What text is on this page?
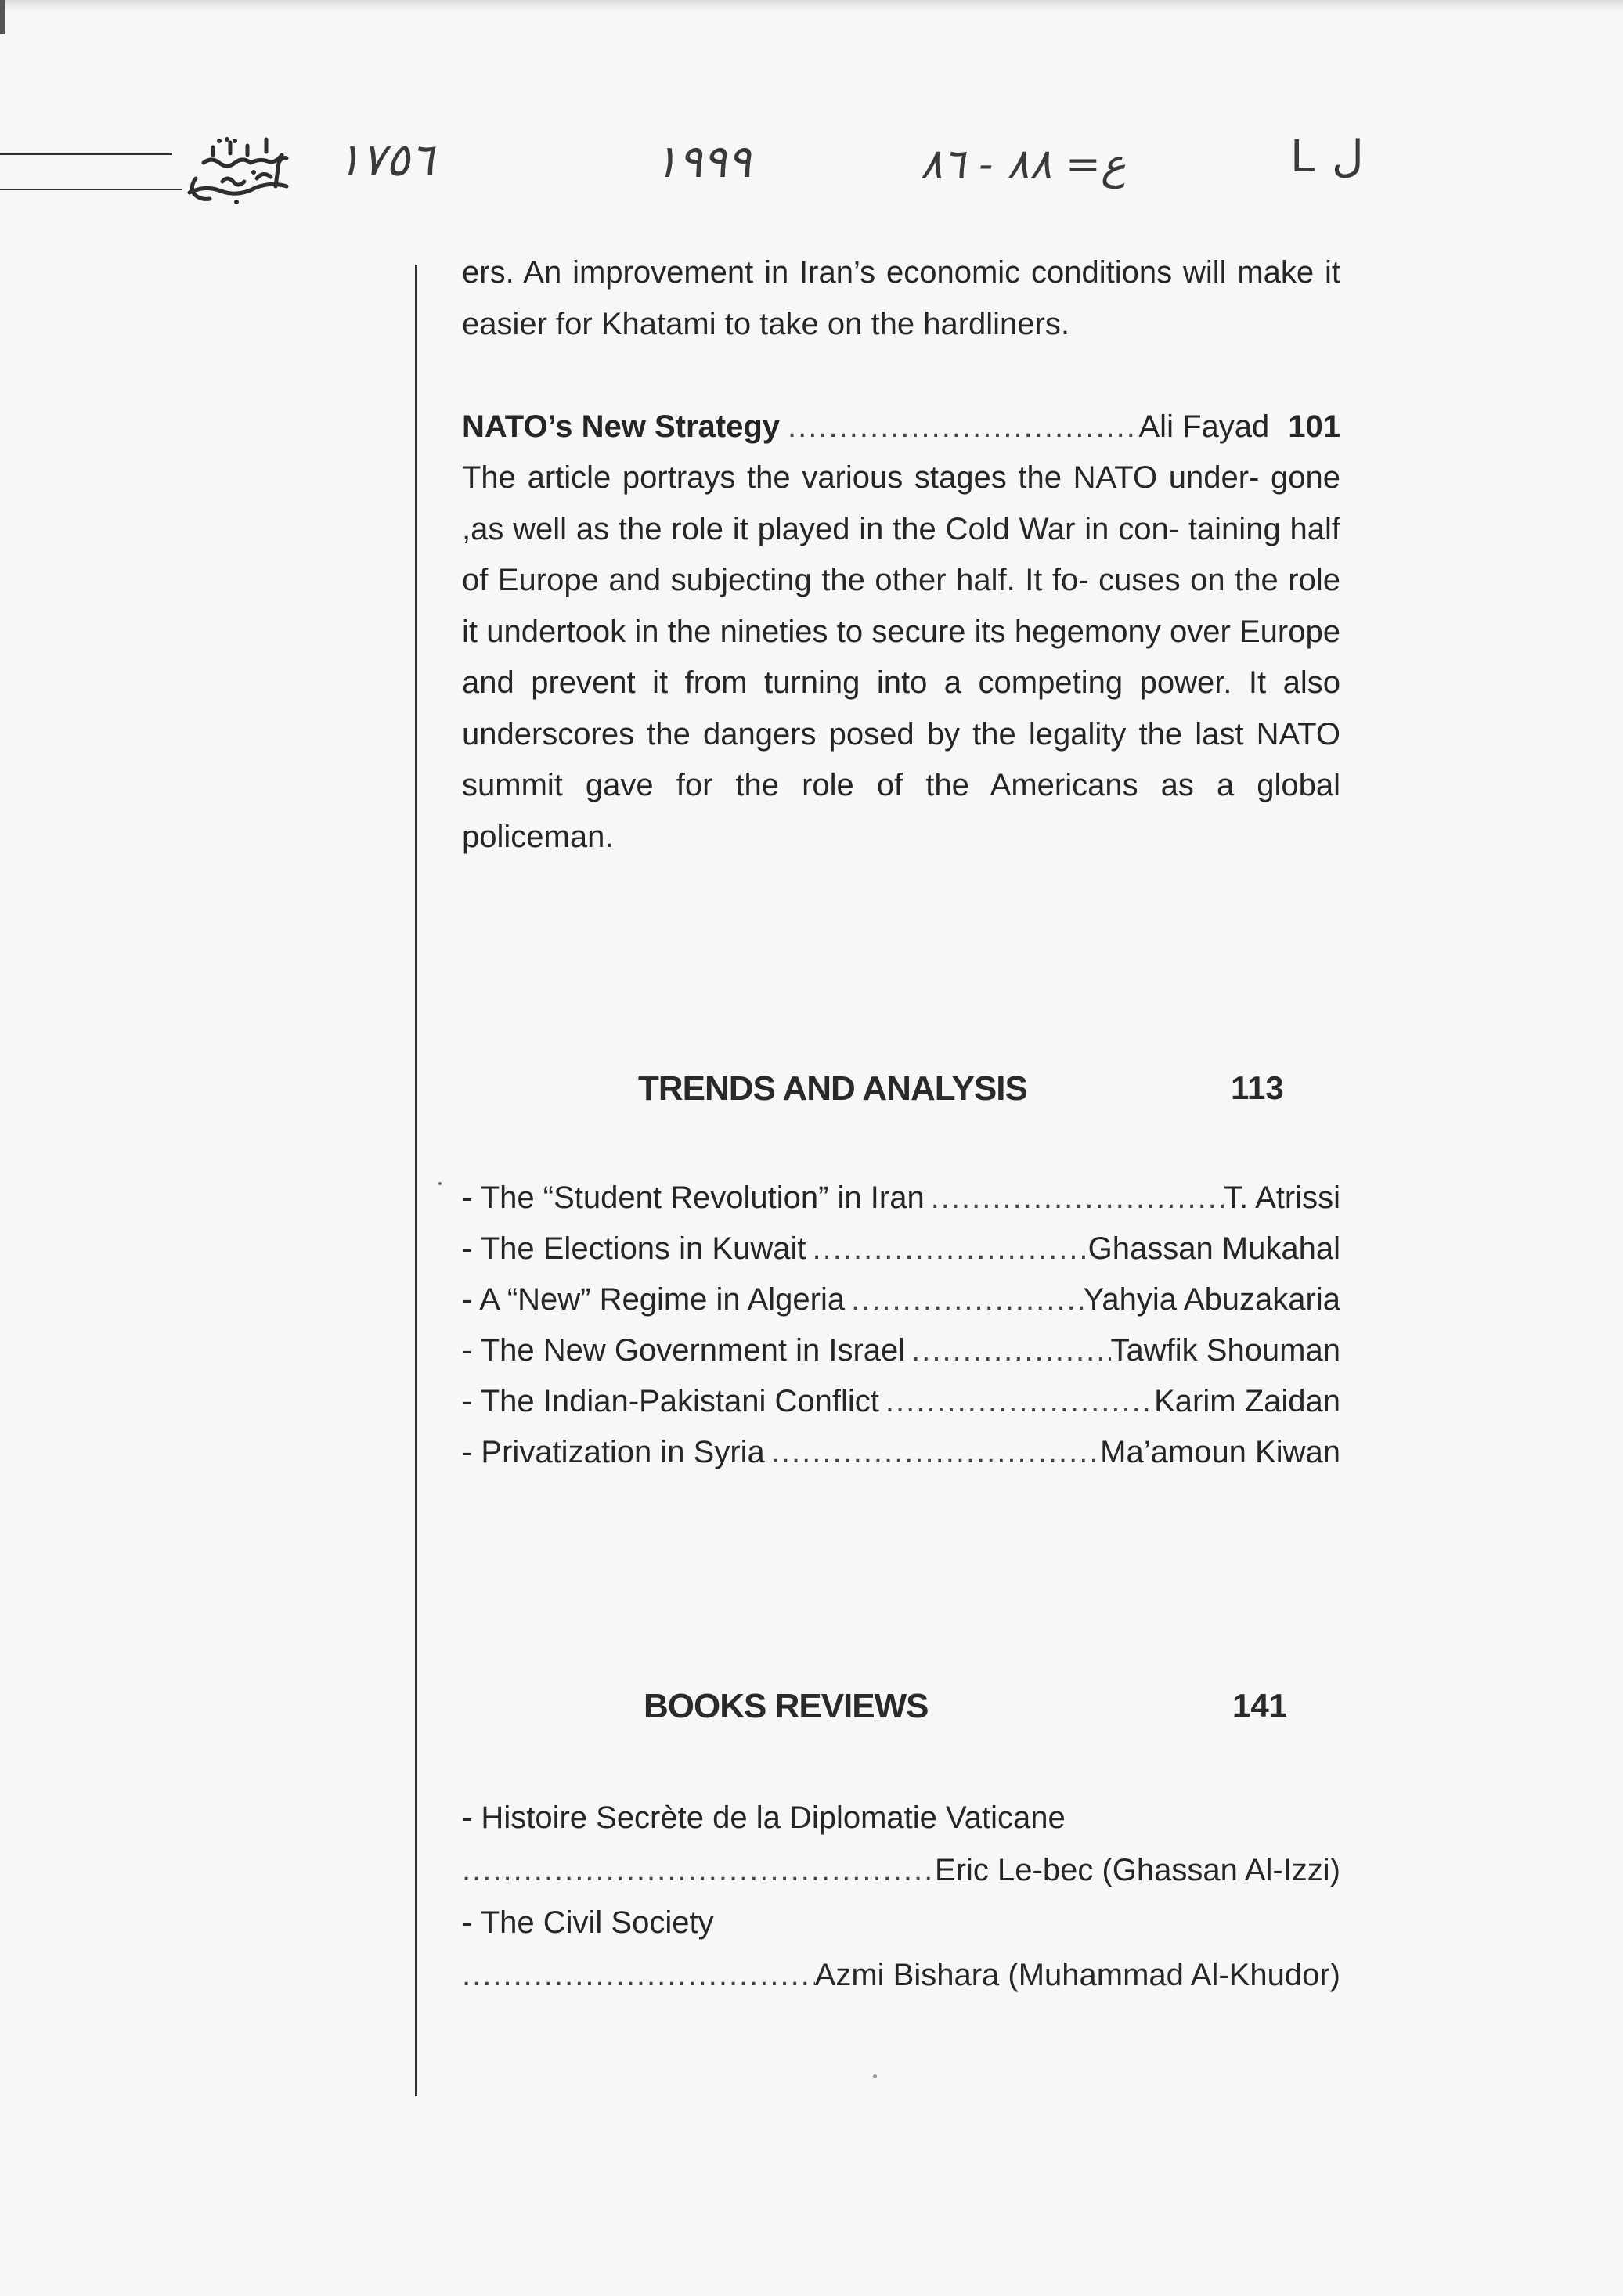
١٧٥٦	١٩٩٩	ع= ٨٨ - ٨٦	L ل

ers. An improvement in Iran’s economic conditions will make it easier for Khatami to take on the hardliners.

NATO’s New Strategy .....	Ali Fayad 101

The article portrays the various stages the NATO under- gone ,as well as the role it played in the Cold War in con- taining half of Europe and subjecting the other half. It fo- cuses on the role it undertook in the nineties to secure its hegemony over Europe and prevent it from turning into a competing power. It also underscores the dangers posed by the legality the last NATO summit gave for the role of the Americans as a global policeman.

TRENDS AND ANALYSIS	113
- The “Student Revolution” in Iran .....	T. Atrissi
- The Elections in Kuwait .....	Ghassan Mukahal
- A “New” Regime in Algeria .....	Yahyia Abuzakaria
- The New Government in Israel .....	Tawfik Shouman
- The Indian-Pakistani Conflict .....	Karim Zaidan
- Privatization in Syria .....	Ma’amoun Kiwan
BOOKS REVIEWS	141
- Histoire Secrète de la Diplomatie Vaticane
.....
Eric Le-bec (Ghassan Al-Izzi)
- The Civil Society
.....
Azmi Bishara (Muhammad Al-Khudor)
